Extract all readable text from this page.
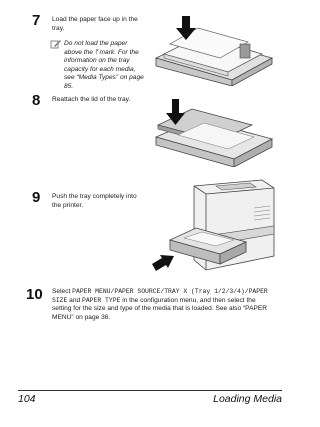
7 Load the paper face up in the tray.
Do not load the paper above the ⤒ mark. For the information on the tray capacity for each media, see “Media Types” on page 85.
8 Reattach the lid of the tray.
9 Push the tray completely into the printer.
10 Select PAPER MENU/PAPER SOURCE/TRAY X (Tray 1/2/3/4)/PAPER SIZE and PAPER TYPE in the configuration menu, and then select the setting for the size and type of the media that is loaded. See also “PAPER MENU” on page 36.
104	Loading Media
